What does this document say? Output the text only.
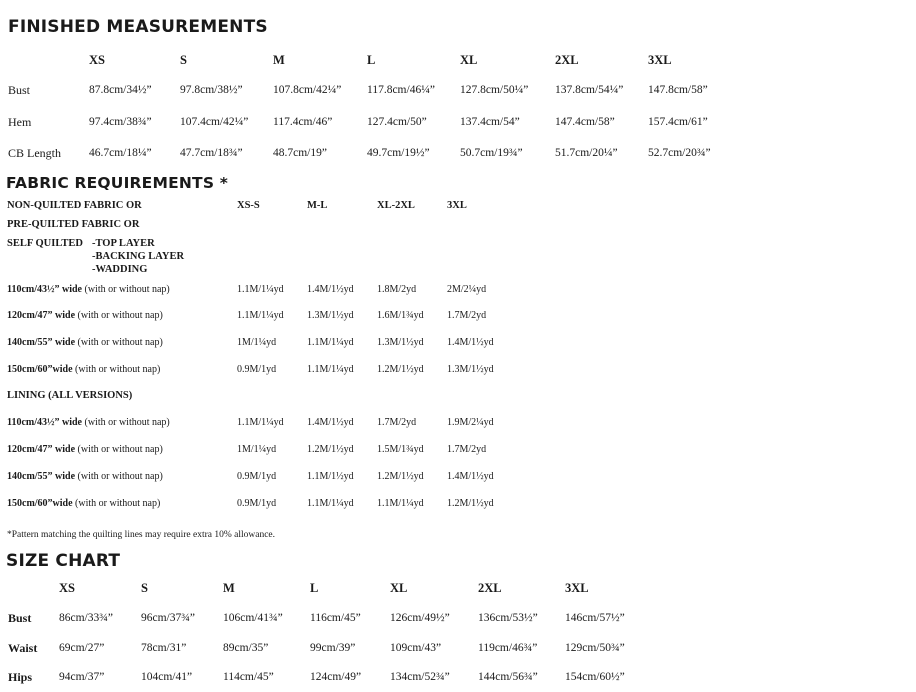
FINISHED MEASUREMENTS
XS	S	M	L	XL	2XL	3XL
Bust	87.8cm/34½” 97.8cm/38½”	107.8cm/42¼” 117.8cm/46¼” 127.8cm/50¼” 137.8cm/54¼” 147.8cm/58”
Hem	97.4cm/38¾” 107.4cm/42¼” 117.4cm/46”	127.4cm/50”	137.4cm/54”	147.4cm/58”	157.4cm/61”
CB Length 46.7cm/18¼” 47.7cm/18¾”	48.7cm/19”	49.7cm/19½”	50.7cm/19¾”	51.7cm/20¼”	52.7cm/20¾”
FABRIC REQUIREMENTS *
NON-QUILTED FABRIC OR
PRE-QUILTED FABRIC OR
SELF QUILTED -TOP LAYER
-BACKING LAYER
-WADDING
XS-S	M-L	XL-2XL	3XL
110cm/43½” wide (with or without nap)	1.1M/1¼yd 1.4M/1½yd 1.8M/2yd	2M/2¼yd
120cm/47” wide (with or without nap)	1.1M/1¼yd 1.3M/1½yd 1.6M/1¾yd 1.7M/2yd
140cm/55” wide (with or without nap)	1M/1¼yd	1.1M/1¼yd 1.3M/1½yd 1.4M/1½yd
150cm/60”wide (with or without nap)	0.9M/1yd	1.1M/1¼yd 1.2M/1½yd 1.3M/1½yd
LINING (ALL VERSIONS)
110cm/43½” wide (with or without nap)	1.1M/1¼yd 1.4M/1½yd 1.7M/2yd	1.9M/2¼yd
120cm/47” wide (with or without nap)	1M/1¼yd	1.2M/1½yd 1.5M/1¾yd 1.7M/2yd
140cm/55” wide (with or without nap)	0.9M/1yd	1.1M/1½yd 1.2M/1½yd 1.4M/1½yd
150cm/60”wide (with or without nap)	0.9M/1yd	1.1M/1¼yd 1.1M/1¼yd 1.2M/1½yd
*Pattern matching the quilting lines may require extra 10% allowance.
SIZE CHART
XS	S	M	L	XL	2XL	3XL
Bust 86cm/33¾” 96cm/37¾” 106cm/41¾” 116cm/45”	126cm/49½” 136cm/53½” 146cm/57½”
Waist 69cm/27”	78cm/31”	89cm/35”	99cm/39”	109cm/43”	119cm/46¾” 129cm/50¾”
Hips 94cm/37”	104cm/41”	114cm/45”	124cm/49”	134cm/52¾” 144cm/56¾” 154cm/60½”
